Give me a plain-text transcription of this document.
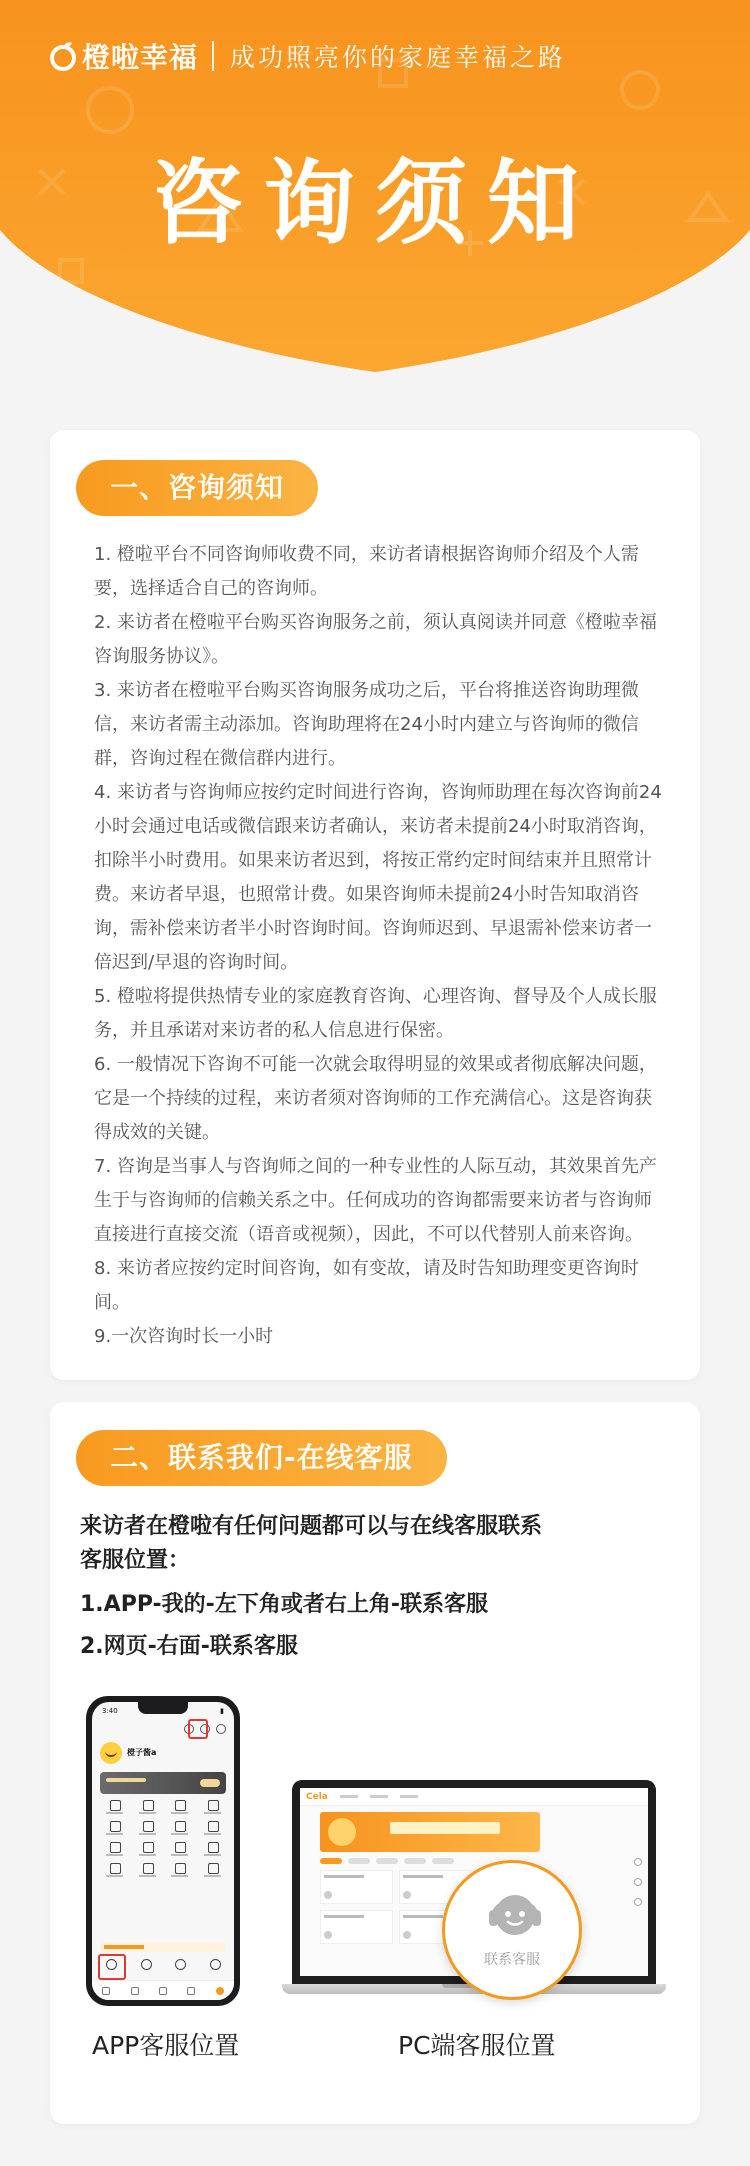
橙啦幸福 成功照亮你的家庭幸福之路
咨询须知
一、咨询须知

1. 橙啦平台不同咨询师收费不同，来访者请根据咨询师介绍及个人需要，选择适合自己的咨询师。

2. 来访者在橙啦平台购买咨询服务之前，须认真阅读并同意《橙啦幸福咨询服务协议》。

3. 来访者在橙啦平台购买咨询服务成功之后，平台将推送咨询助理微信，来访者需主动添加。咨询助理将在24小时内建立与咨询师的微信群，咨询过程在微信群内进行。

4. 来访者与咨询师应按约定时间进行咨询，咨询师助理在每次咨询前24小时会通过电话或微信跟来访者确认，来访者未提前24小时取消咨询，扣除半小时费用。如果来访者迟到，将按正常约定时间结束并且照常计费。来访者早退，也照常计费。如果咨询师未提前24小时告知取消咨询，需补偿来访者半小时咨询时间。咨询师迟到、早退需补偿来访者一倍迟到/早退的咨询时间。

5. 橙啦将提供热情专业的家庭教育咨询、心理咨询、督导及个人成长服务，并且承诺对来访者的私人信息进行保密。

6. 一般情况下咨询不可能一次就会取得明显的效果或者彻底解决问题，它是一个持续的过程，来访者须对咨询师的工作充满信心。这是咨询获得成效的关键。

7. 咨询是当事人与咨询师之间的一种专业性的人际互动，其效果首先产生于与咨询师的信赖关系之中。任何成功的咨询都需要来访者与咨询师直接进行直接交流（语音或视频），因此，不可以代替别人前来咨询。

8. 来访者应按约定时间咨询，如有变故，请及时告知助理变更咨询时间。

9.一次咨询时长一小时

二、联系我们-在线客服

来访者在橙啦有任何问题都可以与在线客服联系

客服位置：

1.APP-我的-左下角或者右上角-联系客服

2.网页-右面-联系客服

3:40	▮
橙子酱a
Cela
联系客服
APP客服位置	PC端客服位置
